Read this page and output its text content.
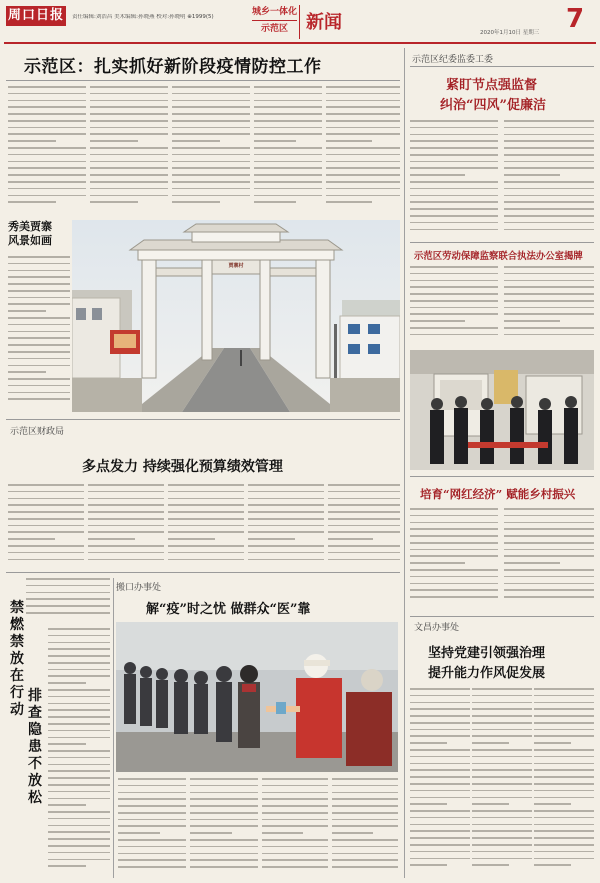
周口日报	责任编辑:刘浩昌 美术编辑:孙晓燕 校对:孙晓明 ⊕1999(5)	城乡一体化
示范区	新闻	2020年1月10日 星期三 7
示范区：扎实抓好新阶段疫情防控工作
秀美贾寨
风景如画
贾寨村
示范区财政局
多点发力 持续强化预算绩效管理
禁燃禁放在行动
排查隐患不放松
搬口办事处
解“疫”时之忧 做群众“医”靠
示范区纪委监委工委
紧盯节点强监督
纠治“四风”促廉洁
示范区劳动保障监察联合执法办公室揭牌
培育“网红经济” 赋能乡村振兴
文昌办事处
坚持党建引领强治理
提升能力作风促发展
